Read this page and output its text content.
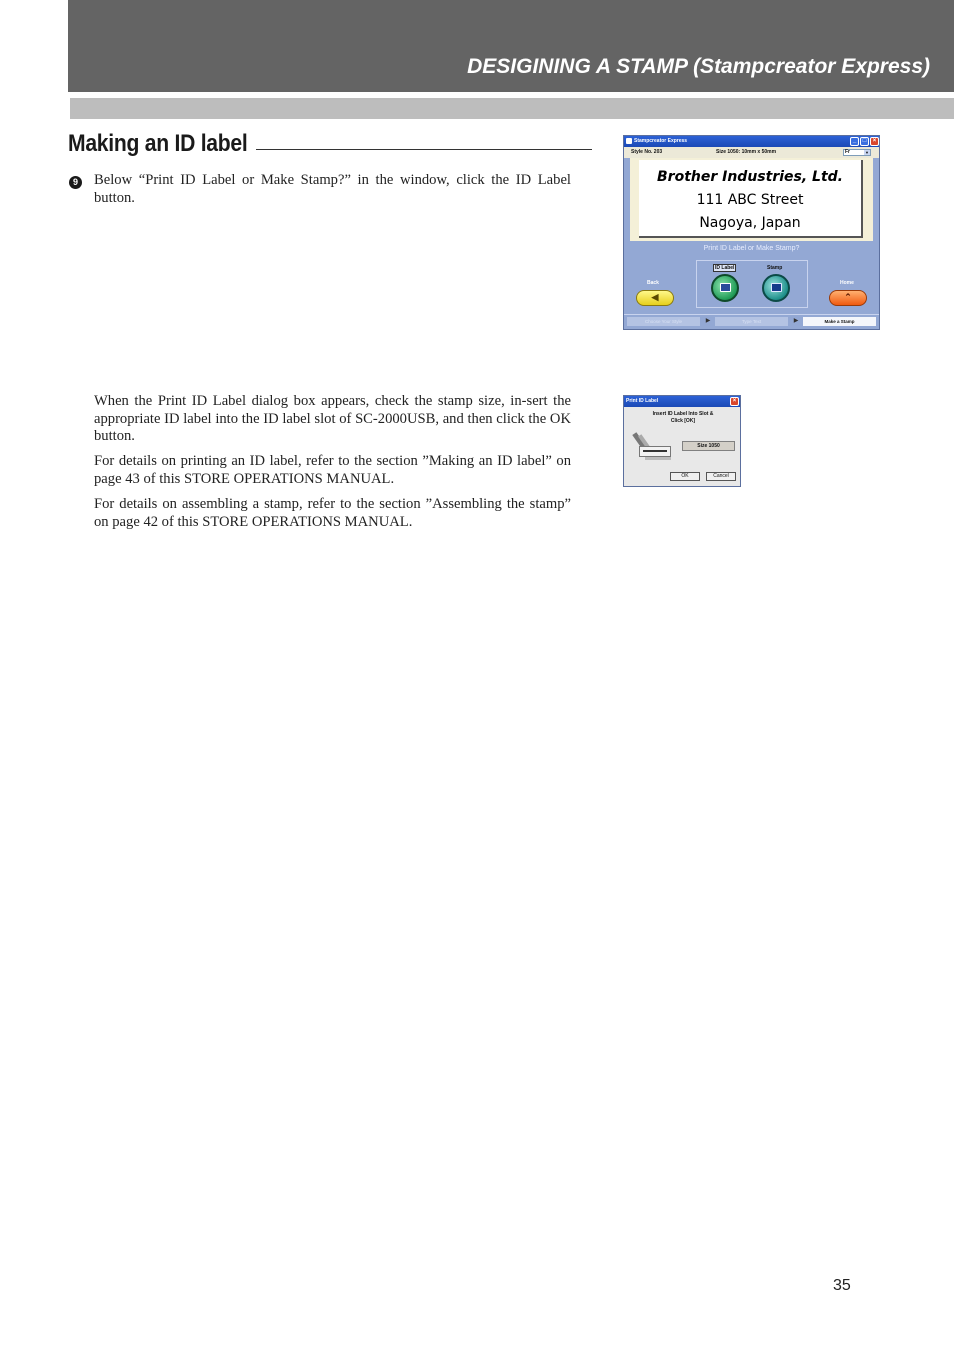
DESIGINING A STAMP (Stampcreator Express)
Making an ID label
9 Below “Print ID Label or Make Stamp?” in the window, click the ID Label button.
When the Print ID Label dialog box appears, check the stamp size, in-sert the appropriate ID label into the ID label slot of SC-2000USB, and then click the OK button.
For details on printing an ID label, refer to the section ”Making an ID label” on page 43 of this STORE OPERATIONS MANUAL.
For details on assembling a stamp, refer to the section ”Assembling the stamp” on page 42 of this STORE OPERATIONS MANUAL.
Stampcreator Express	_	□	×
Style No. 203	Size 1050: 10mm x 50mm	Fr	▼
Brother Industries, Ltd.
111 ABC Street
Nagoya, Japan
Print ID Label or Make Stamp?
ID Label	Stamp
Back	Home
◀	⌃
Choose Your Style	▶	Type Text	▶	Make a Stamp
Print ID Label	×
Insert ID Label Into Slot &
Click [OK]
Size 1050
OK	Cancel
35
